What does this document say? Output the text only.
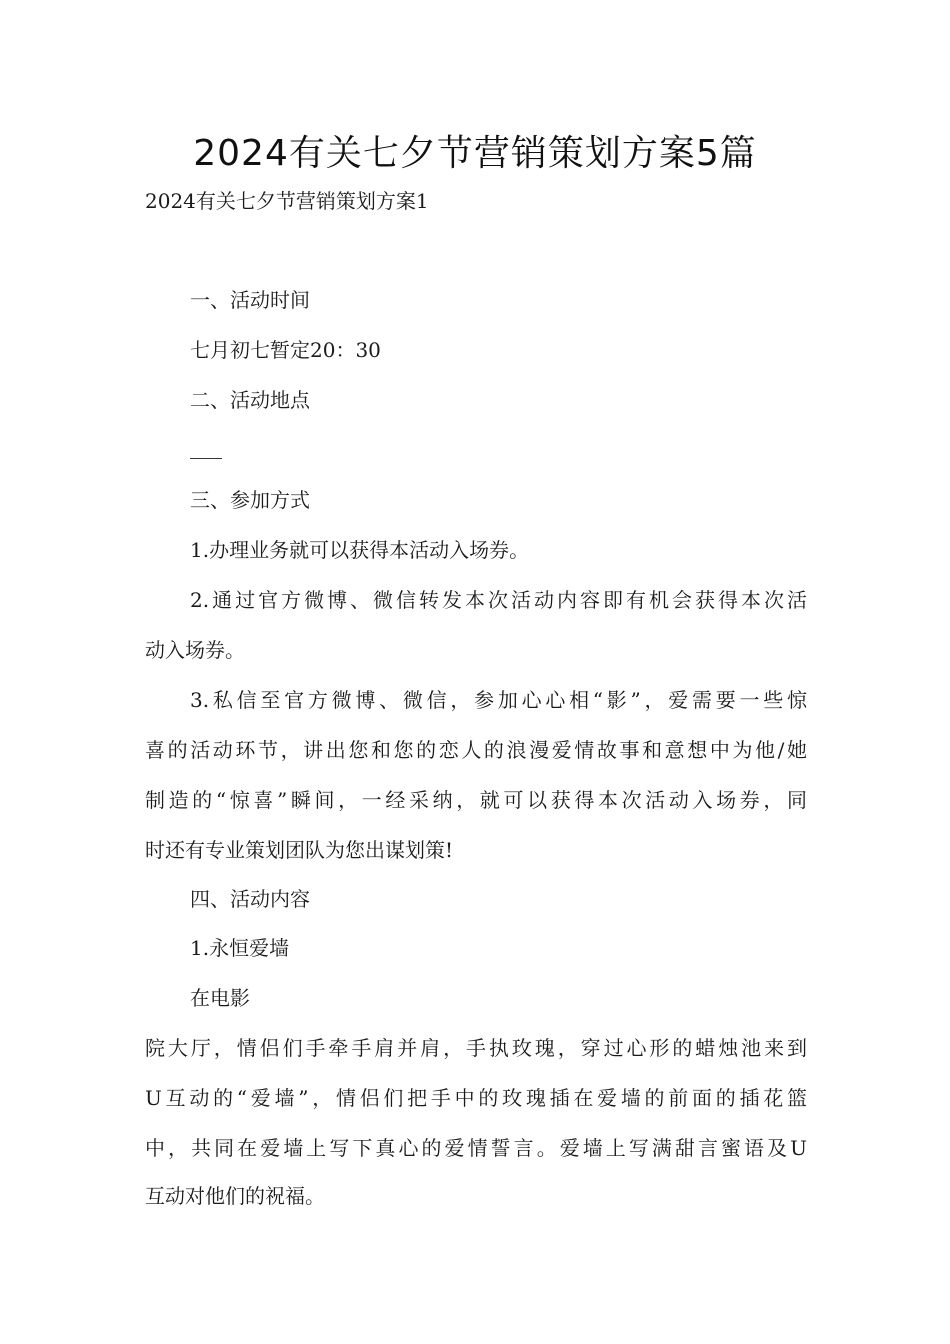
2024有关七夕节营销策划方案5篇
2024有关七夕节营销策划方案1
一、活动时间
七月初七暂定20：30
二、活动地点
三、参加方式
1.办理业务就可以获得本活动入场券。
2.通过官方微博、微信转发本次活动内容即有机会获得本次活
动入场券。
3.私信至官方微博、微信，参加心心相“影”，爱需要一些惊
喜的活动环节，讲出您和您的恋人的浪漫爱情故事和意想中为他/她
制造的“惊喜”瞬间，一经采纳，就可以获得本次活动入场券，同
时还有专业策划团队为您出谋划策!
四、活动内容
1.永恒爱墙
在电影
院大厅，情侣们手牵手肩并肩，手执玫瑰，穿过心形的蜡烛池来到
U互动的“爱墙”，情侣们把手中的玫瑰插在爱墙的前面的插花篮
中，共同在爱墙上写下真心的爱情誓言。爱墙上写满甜言蜜语及U
互动对他们的祝福。
